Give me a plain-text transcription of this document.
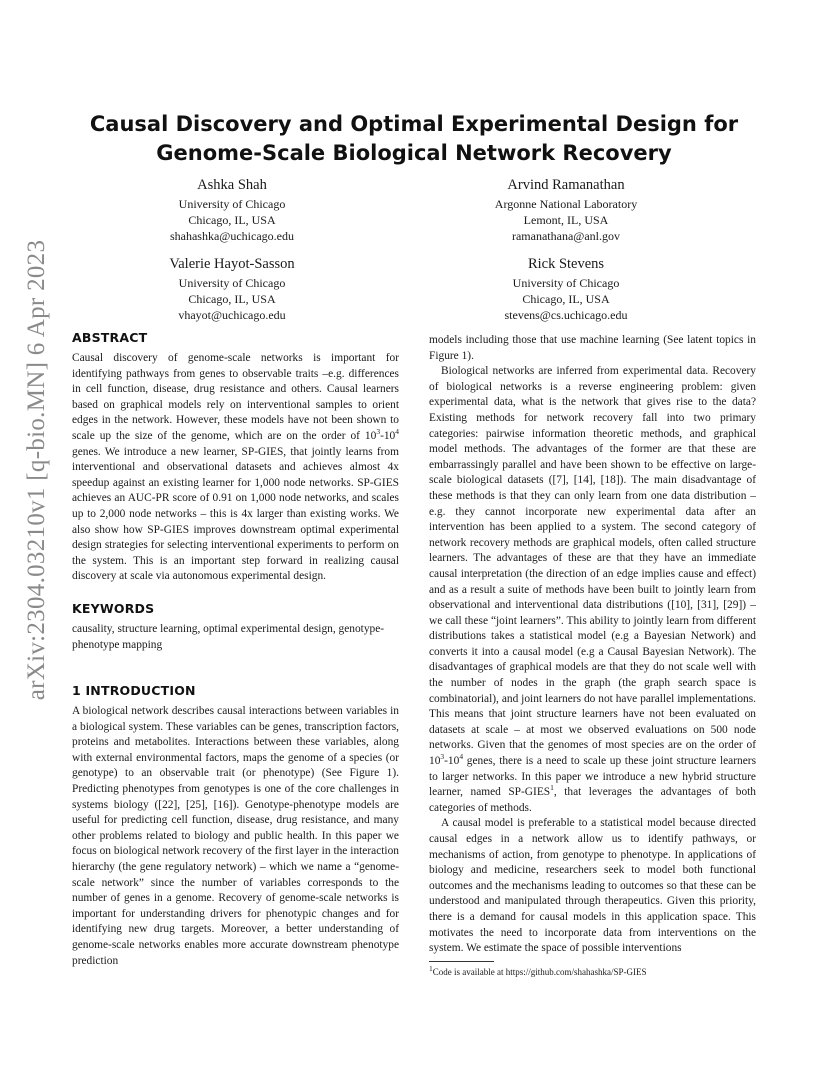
arXiv:2304.03210v1 [q-bio.MN] 6 Apr 2023
Causal Discovery and Optimal Experimental Design for
Genome-Scale Biological Network Recovery
Ashka Shah
University of Chicago
Chicago, IL, USA
shahashka@uchicago.edu
Arvind Ramanathan
Argonne National Laboratory
Lemont, IL, USA
ramanathana@anl.gov
Valerie Hayot-Sasson
University of Chicago
Chicago, IL, USA
vhayot@uchicago.edu
Rick Stevens
University of Chicago
Chicago, IL, USA
stevens@cs.uchicago.edu
ABSTRACT

Causal discovery of genome-scale networks is important for identifying pathways from genes to observable traits –e.g. differences in cell function, disease, drug resistance and others. Causal learners based on graphical models rely on interventional samples to orient edges in the network. However, these models have not been shown to scale up the size of the genome, which are on the order of $10^3-10^4$ genes. We introduce a new learner, SP-GIES, that jointly learns from interventional and observational datasets and achieves almost 4x speedup against an existing learner for 1,000 node networks. SP-GIES achieves an AUC-PR score of 0.91 on 1,000 node networks, and scales up to 2,000 node networks – this is 4x larger than existing works. We also show how SP-GIES improves downstream optimal experimental design strategies for selecting interventional experiments to perform on the system. This is an important step forward in realizing causal discovery at scale via autonomous experimental design.

KEYWORDS

causality, structure learning, optimal experimental design, genotype-phenotype mapping

1 INTRODUCTION

A biological network describes causal interactions between variables in a biological system. These variables can be genes, transcription factors, proteins and metabolites. Interactions between these variables, along with external environmental factors, maps the genome of a species (or genotype) to an observable trait (or phenotype) (See Figure 1). Predicting phenotypes from genotypes is one of the core challenges in systems biology ([22], [25], [16]). Genotype-phenotype models are useful for predicting cell function, disease, drug resistance, and many other problems related to biology and public health. In this paper we focus on biological network recovery of the first layer in the interaction hierarchy (the gene regulatory network) – which we name a “genome-scale network” since the number of variables corresponds to the number of genes in a genome. Recovery of genome-scale networks is important for understanding drivers for phenotypic changes and for identifying new drug targets. Moreover, a better understanding of genome-scale networks enables more accurate downstream phenotype prediction

models including those that use machine learning (See latent topics in Figure 1).

Biological networks are inferred from experimental data. Recovery of biological networks is a reverse engineering problem: given experimental data, what is the network that gives rise to the data? Existing methods for network recovery fall into two primary categories: pairwise information theoretic methods, and graphical model methods. The advantages of the former are that these are embarrassingly parallel and have been shown to be effective on large-scale biological datasets ([7], [14], [18]). The main disadvantage of these methods is that they can only learn from one data distribution – e.g. they cannot incorporate new experimental data after an intervention has been applied to a system. The second category of network recovery methods are graphical models, often called structure learners. The advantages of these are that they have an immediate causal interpretation (the direction of an edge implies cause and effect) and as a result a suite of methods have been built to jointly learn from observational and interventional data distributions ([10], [31], [29]) – we call these “joint learners”. This ability to jointly learn from different distributions takes a statistical model (e.g a Bayesian Network) and converts it into a causal model (e.g a Causal Bayesian Network). The disadvantages of graphical models are that they do not scale well with the number of nodes in the graph (the graph search space is combinatorial), and joint learners do not have parallel implementations. This means that joint structure learners have not been evaluated on datasets at scale – at most we observed evaluations on 500 node networks. Given that the genomes of most species are on the order of $10^3-10^4$ genes, there is a need to scale up these joint structure learners to larger networks. In this paper we introduce a new hybrid structure learner, named SP-GIES$^1$, that leverages the advantages of both categories of methods.

A causal model is preferable to a statistical model because directed causal edges in a network allow us to identify pathways, or mechanisms of action, from genotype to phenotype. In applications of biology and medicine, researchers seek to model both functional outcomes and the mechanisms leading to outcomes so that these can be understood and manipulated through therapeutics. Given this priority, there is a demand for causal models in this application space. This motivates the need to incorporate data from interventions on the system. We estimate the space of possible interventions

$^1$Code is available at https://github.com/shahashka/SP-GIES
